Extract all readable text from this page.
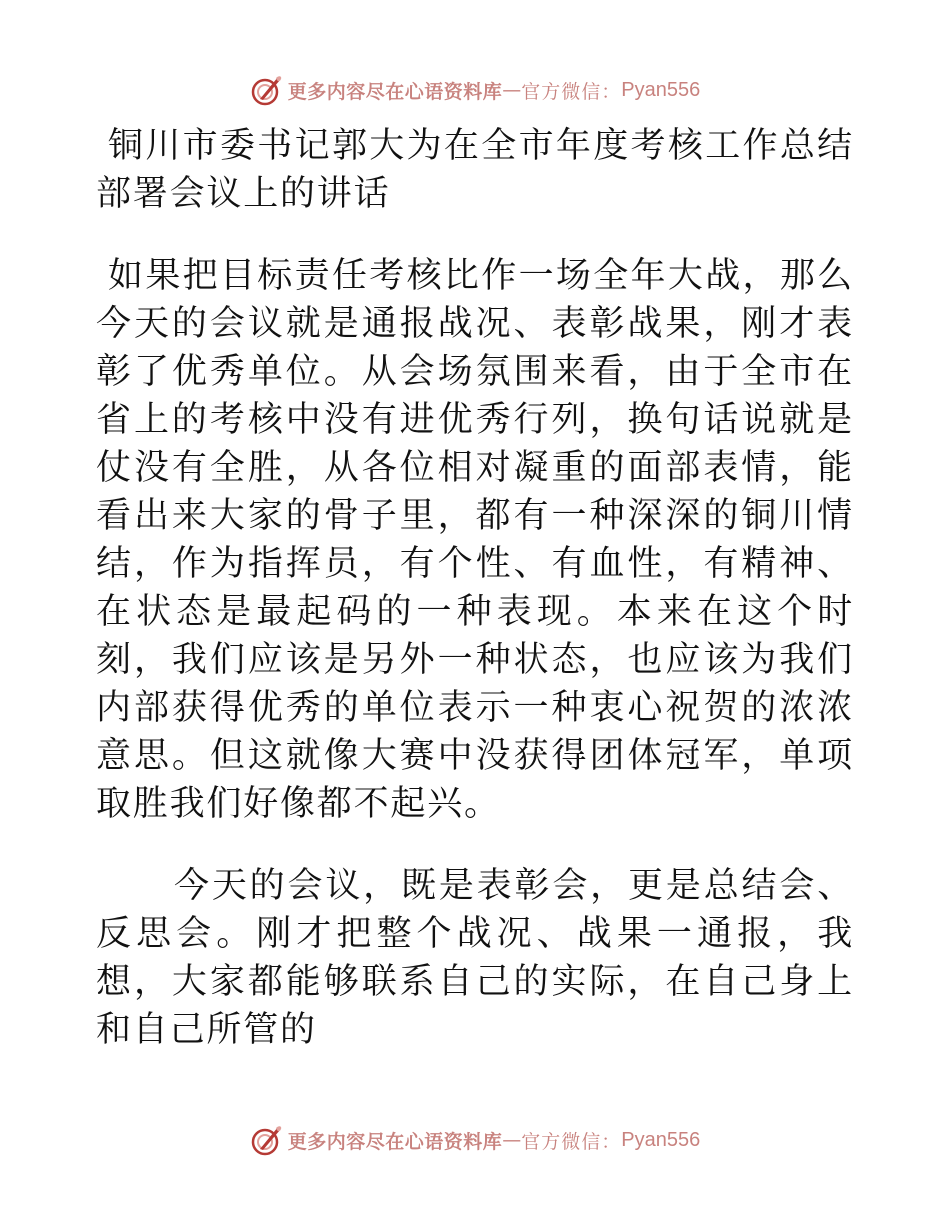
更多内容尽在心语资料库 — 官方微信： Pyan556
铜川市委书记郭大为在全市年度考核工作总结部署会议上的讲话

如果把目标责任考核比作一场全年大战，那么今天的会议就是通报战况、表彰战果，刚才表彰了优秀单位。从会场氛围来看，由于全市在省上的考核中没有进优秀行列，换句话说就是仗没有全胜，从各位相对凝重的面部表情，能看出来大家的骨子里，都有一种深深的铜川情结，作为指挥员，有个性、有血性，有精神、在状态是最起码的一种表现。本来在这个时刻，我们应该是另外一种状态，也应该为我们内部获得优秀的单位表示一种衷心祝贺的浓浓意思。但这就像大赛中没获得团体冠军，单项取胜我们好像都不起兴。

今天的会议，既是表彰会，更是总结会、反思会。刚才把整个战况、战果一通报，我想，大家都能够联系自己的实际，在自己身上和自己所管的

更多内容尽在心语资料库 — 官方微信： Pyan556
